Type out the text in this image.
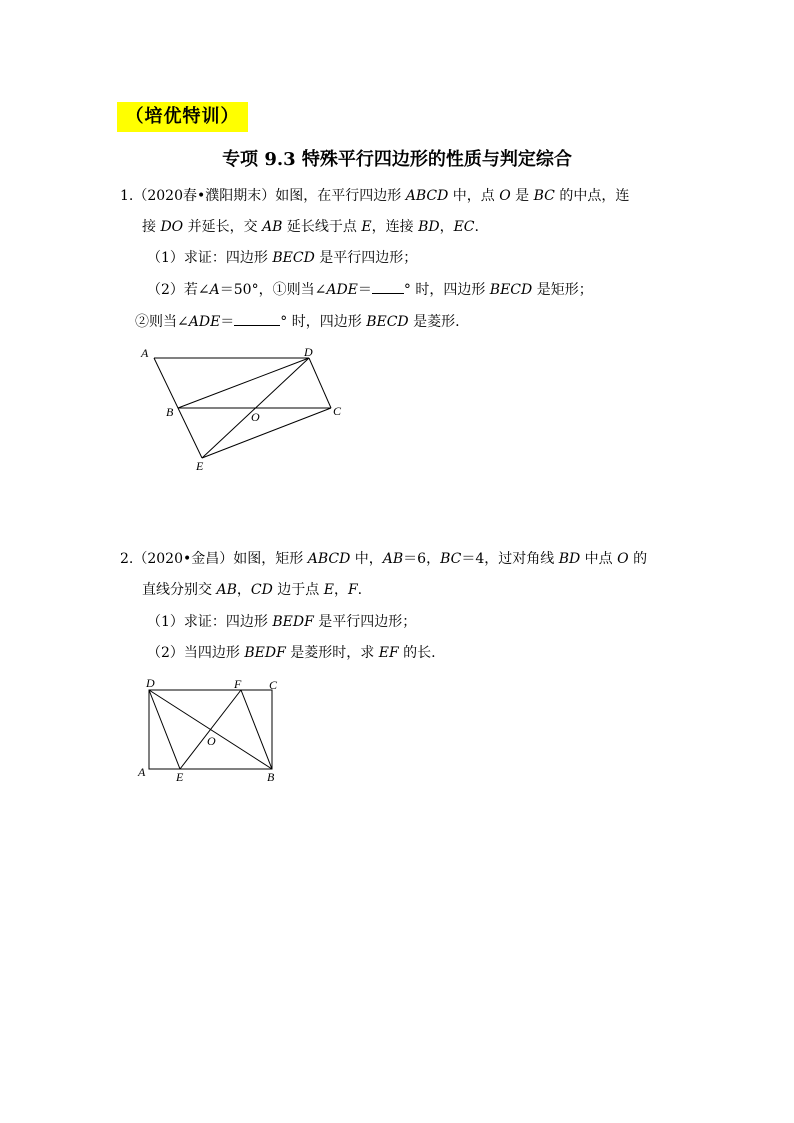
（培优特训）
专项 9.3 特殊平行四边形的性质与判定综合
1.（2020春•濮阳期末）如图，在平行四边形 ABCD 中，点 O 是 BC 的中点，连
接 DO 并延长，交 AB 延长线于点 E，连接 BD，EC.
（1）求证：四边形 BECD 是平行四边形；
（2）若∠A＝50°，①则当∠ADE＝ ° 时，四边形 BECD 是矩形；
②则当∠ADE＝	° 时，四边形 BECD 是菱形.
A
B	C
D
E
O
2.（2020•金昌）如图，矩形 ABCD 中，AB＝6，BC＝4，过对角线 BD 中点 O 的
直线分别交 AB，CD 边于点 E，F.
（1）求证：四边形 BEDF 是平行四边形；
（2）当四边形 BEDF 是菱形时，求 EF 的长.
A	B
C
D
E
F
O
